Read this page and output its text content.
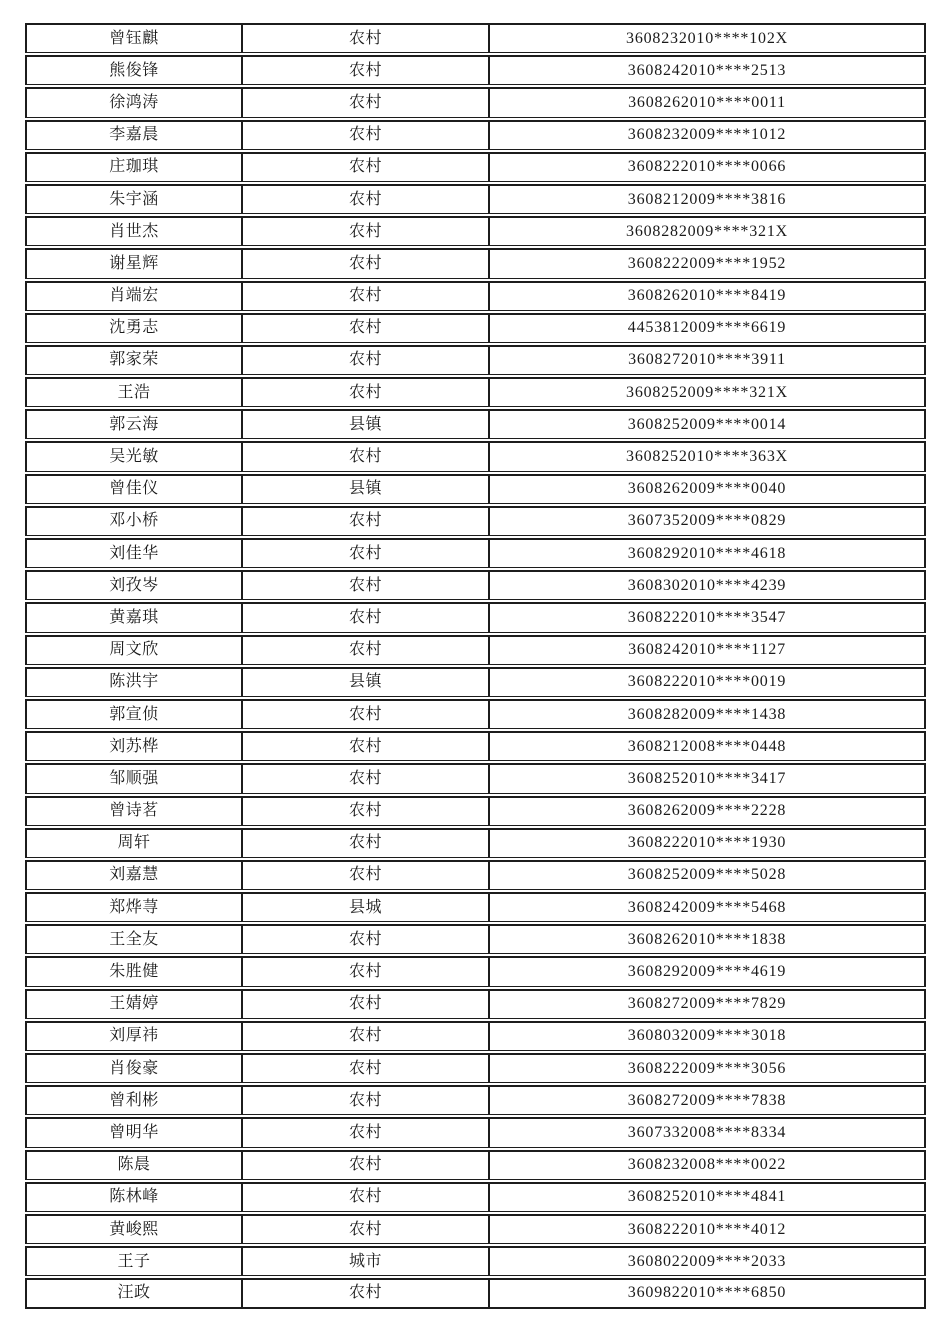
曾钰麒	农村	3608232010****102X
熊俊锋	农村	3608242010****2513
徐鸿涛	农村	3608262010****0011
李嘉晨	农村	3608232009****1012
庄珈琪	农村	3608222010****0066
朱宇涵	农村	3608212009****3816
肖世杰	农村	3608282009****321X
谢星辉	农村	3608222009****1952
肖端宏	农村	3608262010****8419
沈勇志	农村	4453812009****6619
郭家荣	农村	3608272010****3911
王浩	农村	3608252009****321X
郭云海	县镇	3608252009****0014
吴光敏	农村	3608252010****363X
曾佳仪	县镇	3608262009****0040
邓小桥	农村	3607352009****0829
刘佳华	农村	3608292010****4618
刘孜岑	农村	3608302010****4239
黄嘉琪	农村	3608222010****3547
周文欣	农村	3608242010****1127
陈洪宇	县镇	3608222010****0019
郭宣侦	农村	3608282009****1438
刘苏桦	农村	3608212008****0448
邹顺强	农村	3608252010****3417
曾诗茗	农村	3608262009****2228
周轩	农村	3608222010****1930
刘嘉慧	农村	3608252009****5028
郑烨荨	县城	3608242009****5468
王全友	农村	3608262010****1838
朱胜健	农村	3608292009****4619
王婧婷	农村	3608272009****7829
刘厚祎	农村	3608032009****3018
肖俊豪	农村	3608222009****3056
曾利彬	农村	3608272009****7838
曾明华	农村	3607332008****8334
陈晨	农村	3608232008****0022
陈林峰	农村	3608252010****4841
黄峻熙	农村	3608222010****4012
王子	城市	3608022009****2033
汪政	农村	3609822010****6850
